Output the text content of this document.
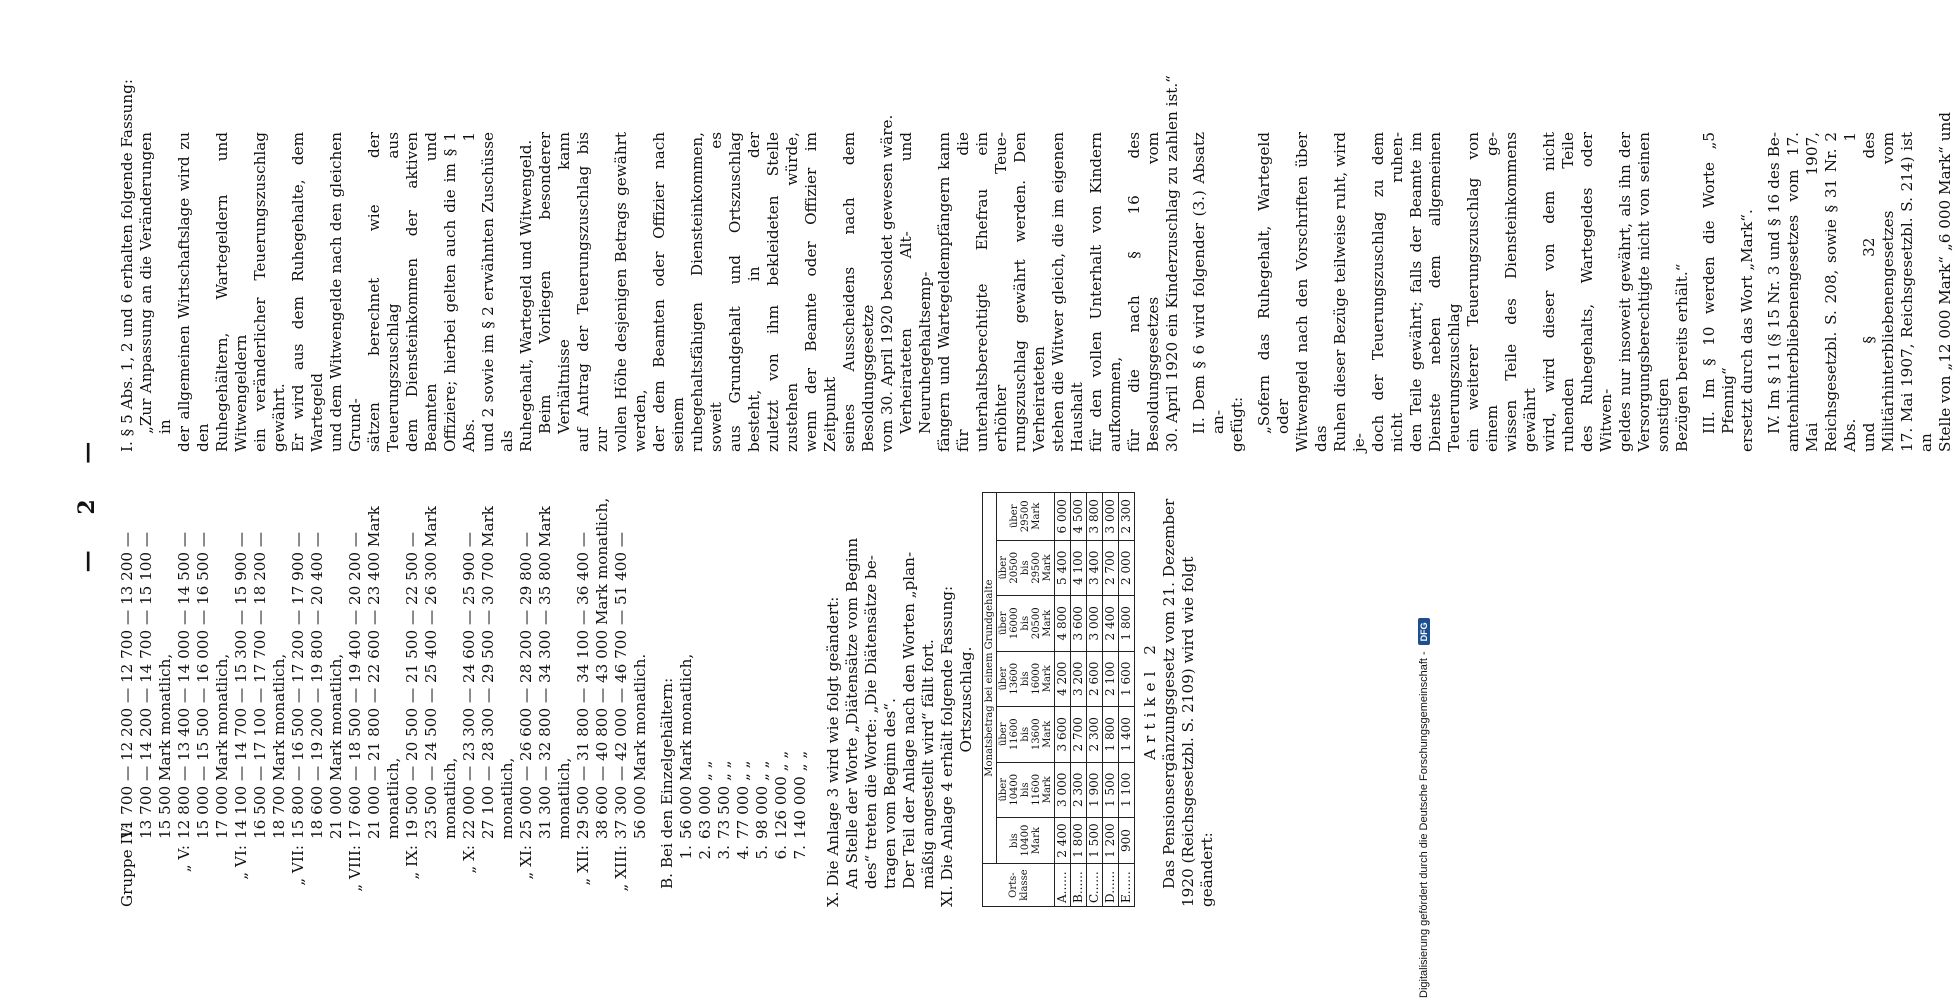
— 2 —
Gruppe IV:
11 700 — 12 200 — 12 700 — 13 200 — 13 700 — 14 200 — 14 700 — 15 100 — 15 500 Mark monatlich,
„ V:
12 800 — 13 400 — 14 000 — 14 500 — 15 000 — 15 500 — 16 000 — 16 500 — 17 000 Mark monatlich,
„ VI:
14 100 — 14 700 — 15 300 — 15 900 — 16 500 — 17 100 — 17 700 — 18 200 — 18 700 Mark monatlich,
„ VII:
15 800 — 16 500 — 17 200 — 17 900 — 18 600 — 19 200 — 19 800 — 20 400 — 21 000 Mark monatlich,
„ VIII:
17 600 — 18 500 — 19 400 — 20 200 — 21 000 — 21 800 — 22 600 — 23 400 Mark monatlich,
„ IX:
19 500 — 20 500 — 21 500 — 22 500 — 23 500 — 24 500 — 25 400 — 26 300 Mark monatlich,
„ X:
22 000 — 23 300 — 24 600 — 25 900 — 27 100 — 28 300 — 29 500 — 30 700 Mark monatlich,
„ XI:
25 000 — 26 600 — 28 200 — 29 800 — 31 300 — 32 800 — 34 300 — 35 800 Mark monatlich,
„ XII:
29 500 — 31 800 — 34 100 — 36 400 — 38 600 — 40 800 — 43 000 Mark monatlich,
„ XIII:
37 300 — 42 000 — 46 700 — 51 400 — 56 000 Mark monatlich. B. Bei den Einzelgehältern: 1.
56 000 Mark monatlich,
2.
63 000 „ „
3.
73 500 „ „
4.
77 000 „ „
5.
98 000 „ „
6.
126 000 „ „
7.
140 000 „ „ X. Die Anlage 3 wird wie folgt geändert: An Stelle der Worte „Diätensätze vom Beginn des“ treten die Worte: „Die Diätensätze be- tragen vom Beginn des“. Der Teil der Anlage nach den Worten „plan- mäßig angestellt wird“ fällt fort. XI. Die Anlage 4 erhält folgende Fassung: Ortszuschlag.
Orts-klasse	Monatsbetrag bei einem Grundgehalte						
	bis 10400 Mark	über 10400 bis 11600 Mark	über 11600 bis 13600 Mark	über 13600 bis 16000 Mark	über 16000 bis 20500 Mark	über 20500 bis 29500 Mark	über 29500 Mark
A......	2 400	3 000	3 600	4 200	4 800	5 400	6 000
B......	1 800	2 300	2 700	3 200	3 600	4 100	4 500
C......	1 500	1 900	2 300	2 600	3 000	3 400	3 800
D......	1 200	1 500	1 800	2 100	2 400	2 700	3 000
E......	900	1 100	1 400	1 600	1 800	2 000	2 300
Artikel 2 Das Pensionsergänzungsgesetz vom 21. Dezember 1920 (Reichsgesetzbl. S. 2109) wird wie folgt geändert:
I. § 5 Abs. 1, 2 und 6 erhalten folgende Fassung: „Zur Anpassung an die Veränderungen in der allgemeinen Wirtschaftslage wird zu den Ruhegehältern, Wartegeldern und Witwengeldern ein veränderlicher Teuerungszuschlag gewährt. Er wird aus dem Ruhegehalte, dem Wartegeld und dem Witwengelde nach den gleichen Grund- sätzen berechnet wie der Teuerungszuschlag aus dem Diensteinkommen der aktiven Beamten und Offiziere; hierbei gelten auch die im § 1 Abs. 1 und 2 sowie im § 2 erwähnten Zuschüsse als Ruhegehalt, Wartegeld und Witwengeld. Beim Vorliegen besonderer Verhältnisse kann auf Antrag der Teuerungszuschlag bis zur vollen Höhe desjenigen Betrags gewährt werden, der dem Beamten oder Offizier nach seinem ruhegehaltsfähigen Diensteinkommen, soweit es aus Grundgehalt und Ortszuschlag besteht, in der zuletzt von ihm bekleideten Stelle zustehen würde, wenn der Beamte oder Offizier im Zeitpunkt seines Ausscheidens nach dem Besoldungsgesetze vom 30. April 1920 besoldet gewesen wäre. Verheirateten Alt- und Neuruhegehaltsemp- fängern und Wartegeldempfängern kann für die unterhaltsberechtigte Ehefrau ein erhöhter Teue- rungszuschlag gewährt werden. Den Verheirateten stehen die Witwer gleich, die im eigenen Haushalt für den vollen Unterhalt von Kindern aufkommen, für die nach § 16 des Besoldungsgesetzes vom 30. April 1920 ein Kinderzuschlag zu zahlen ist.“ II. Dem § 6 wird folgender (3.) Absatz an- gefügt: „Sofern das Ruhegehalt, Wartegeld oder Witwengeld nach den Vorschriften über das Ruhen dieser Bezüge teilweise ruht, wird je- doch der Teuerungszuschlag zu dem nicht ruhen- den Teile gewährt; falls der Beamte im Dienste neben dem allgemeinen Teuerungszuschlag ein weiterer Teuerungszuschlag von einem ge- wissen Teile des Diensteinkommens gewährt wird, wird dieser von dem nicht ruhenden Teile des Ruhegehalts, Wartegeldes oder Witwen- geldes nur insoweit gewährt, als ihn der Versorgungsberechtigte nicht von seinen sonstigen Bezügen bereits erhält.“ III. Im § 10 werden die Worte „5 Pfennig“ ersetzt durch das Wort „Mark“. IV. Im § 11 (§ 15 Nr. 3 und § 16 des Be- amtenhinterbliebenengesetzes vom 17. Mai 1907, Reichsgesetzbl. S. 208, sowie § 31 Nr. 2 Abs. 1 und § 32 des Militärhinterbliebenengesetzes vom 17. Mai 1907, Reichsgesetzbl. S. 214) ist an Stelle von „12 000 Mark“ „6 000 Mark“ und
Digitalisierung gefördert durch die Deutsche Forschungsgemeinschaft -
DFG
